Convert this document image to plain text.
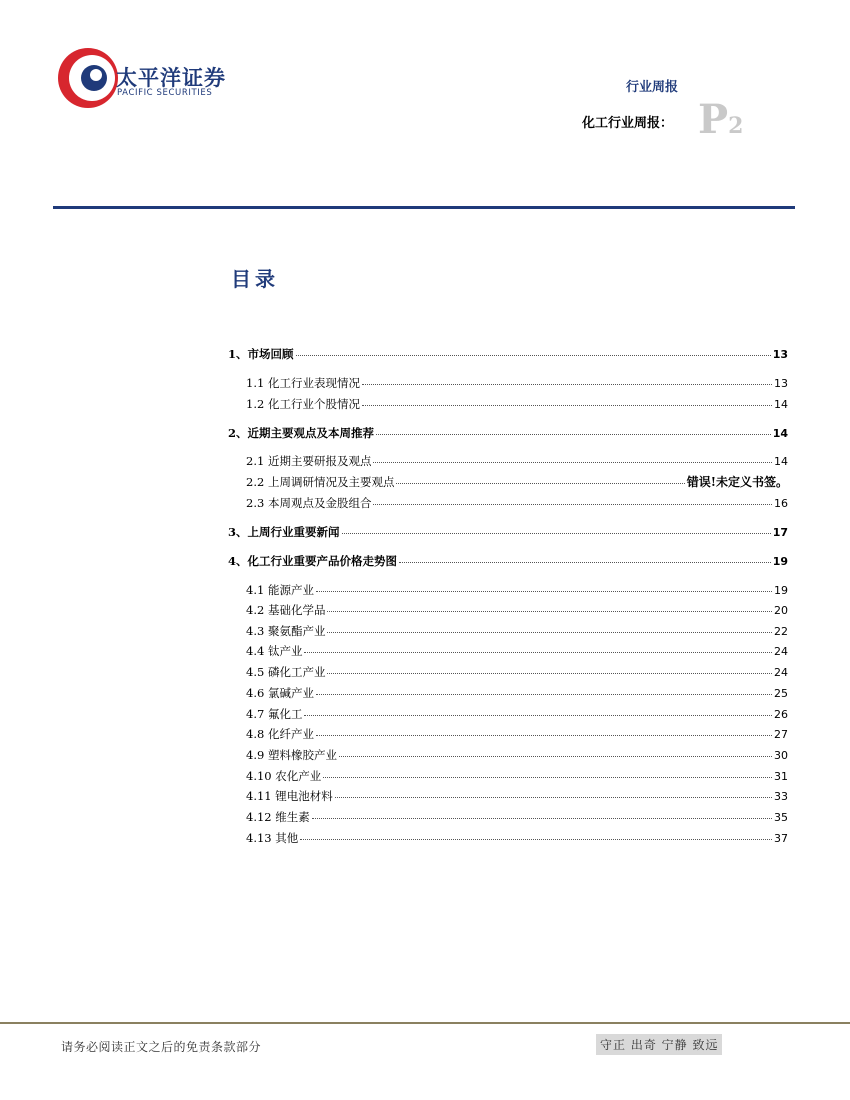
太平洋证券
PACIFIC SECURITIES	行业周报
化工行业周报： P2
目录
1、市场回顾	13
1.1 化工行业表现情况	13
1.2 化工行业个股情况	14
2、近期主要观点及本周推荐	14
2.1 近期主要研报及观点	14
2.2 上周调研情况及主要观点	错误!未定义书签。
2.3 本周观点及金股组合	16
3、上周行业重要新闻	17
4、化工行业重要产品价格走势图	19
4.1 能源产业	19
4.2 基础化学品	20
4.3 聚氨酯产业	22
4.4 钛产业	24
4.5 磷化工产业	24
4.6 氯碱产业	25
4.7 氟化工	26
4.8 化纤产业	27
4.9 塑料橡胶产业	30
4.10 农化产业	31
4.11 锂电池材料	33
4.12 维生素	35
4.13 其他	37
请务必阅读正文之后的免责条款部分	守正 出奇 宁静 致远
